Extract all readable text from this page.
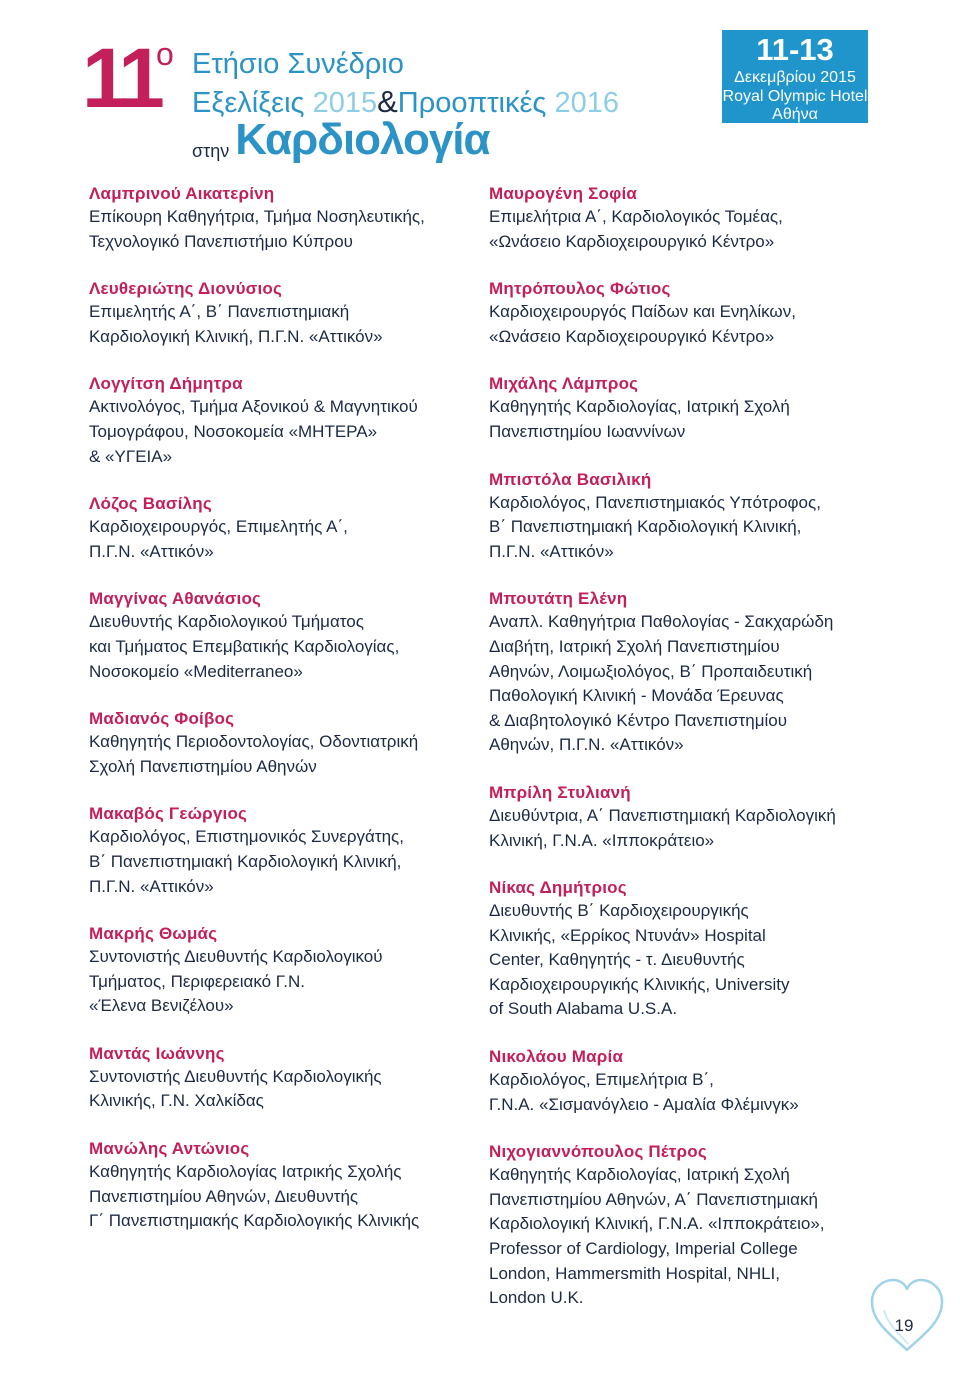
11
ο Ετήσιο Συνέδριο
Εξελίξεις 2015&Προοπτικές 2016
στην Καρδιολογία
11-13
Δεκεμβρίου 2015
Royal Olympic Hotel
Αθήνα
Λαμπρινού Αικατερίνη
Επίκουρη Καθηγήτρια, Τμήμα Νοσηλευτικής,
Τεχνολογικό Πανεπιστήμιο Κύπρου
Λευθεριώτης Διονύσιος
Επιμελητής Α΄, Β΄ Πανεπιστημιακή
Καρδιολογική Κλινική, Π.Γ.Ν. «Αττικόν»
Λογγίτση Δήμητρα
Ακτινολόγος, Τμήμα Αξονικού & Μαγνητικού
Τομογράφου, Νοσοκομεία «ΜΗΤΕΡΑ»
& «ΥΓΕΙΑ»
Λόζος Βασίλης
Καρδιοχειρουργός, Επιμελητής Α΄,
Π.Γ.Ν. «Αττικόν»
Μαγγίνας Αθανάσιος
Διευθυντής Καρδιολογικού Τμήματος
και Τμήματος Επεμβατικής Καρδιολογίας,
Νοσοκομείο «Mediterraneo»
Μαδιανός Φοίβος
Καθηγητής Περιοδοντολογίας, Οδοντιατρική
Σχολή Πανεπιστημίου Αθηνών
Μακαβός Γεώργιος
Καρδιολόγος, Επιστημονικός Συνεργάτης,
Β΄ Πανεπιστημιακή Καρδιολογική Κλινική,
Π.Γ.Ν. «Αττικόν»
Μακρής Θωμάς
Συντονιστής Διευθυντής Καρδιολογικού
Τμήματος, Περιφερειακό Γ.Ν.
«Έλενα Βενιζέλου»
Μαντάς Ιωάννης
Συντονιστής Διευθυντής Καρδιολογικής
Κλινικής, Γ.Ν. Χαλκίδας
Μανώλης Αντώνιος
Καθηγητής Καρδιολογίας Ιατρικής Σχολής
Πανεπιστημίου Αθηνών, Διευθυντής
Γ΄ Πανεπιστημιακής Καρδιολογικής Κλινικής
Μαυρογένη Σοφία
Επιμελήτρια Α΄, Καρδιολογικός Τομέας,
«Ωνάσειο Καρδιοχειρουργικό Κέντρο»
Μητρόπουλος Φώτιος
Καρδιοχειρουργός Παίδων και Ενηλίκων,
«Ωνάσειο Καρδιοχειρουργικό Κέντρο»
Μιχάλης Λάμπρος
Καθηγητής Καρδιολογίας, Ιατρική Σχολή
Πανεπιστημίου Ιωαννίνων
Μπιστόλα Βασιλική
Καρδιολόγος, Πανεπιστημιακός Υπότροφος,
Β΄ Πανεπιστημιακή Καρδιολογική Κλινική,
Π.Γ.Ν. «Αττικόν»
Μπουτάτη Ελένη
Αναπλ. Καθηγήτρια Παθολογίας - Σακχαρώδη
Διαβήτη, Ιατρική Σχολή Πανεπιστημίου
Αθηνών, Λοιμωξιολόγος, Β΄ Προπαιδευτική
Παθολογική Κλινική - Μονάδα Έρευνας
& Διαβητολογικό Κέντρο Πανεπιστημίου
Αθηνών, Π.Γ.Ν. «Αττικόν»
Μπρίλη Στυλιανή
Διευθύντρια, Α΄ Πανεπιστημιακή Καρδιολογική
Κλινική, Γ.Ν.Α. «Ιπποκράτειο»
Νίκας Δημήτριος
Διευθυντής Β΄ Καρδιοχειρουργικής
Κλινικής, «Ερρίκος Ντυνάν» Hospital
Center, Καθηγητής - τ. Διευθυντής
Καρδιοχειρουργικής Κλινικής, University
of South Alabama U.S.A.
Νικολάου Μαρία
Καρδιολόγος, Επιμελήτρια Β΄,
Γ.Ν.Α. «Σισμανόγλειο - Αμαλία Φλέμινγκ»
Νιχογιαννόπουλος Πέτρος
Καθηγητής Καρδιολογίας, Ιατρική Σχολή
Πανεπιστημίου Αθηνών, Α΄ Πανεπιστημιακή
Καρδιολογική Κλινική, Γ.Ν.Α. «Ιπποκράτειο»,
Professor of Cardiology, Imperial College
London, Hammersmith Hospital, NHLI,
London U.K.
19
